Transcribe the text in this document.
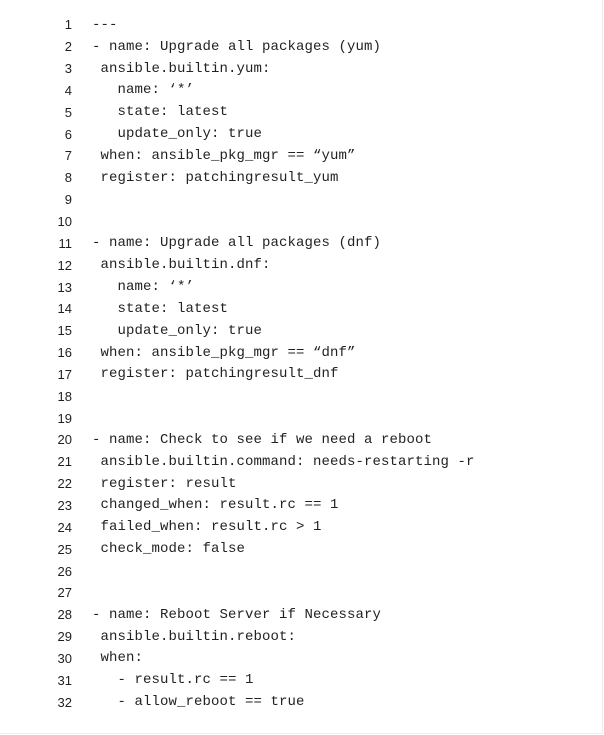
1	---
2	- name: Upgrade all packages (yum)
3	ansible.builtin.yum:
4	name: ‘*’
5	state: latest
6	update_only: true
7	when: ansible_pkg_mgr == “yum”
8	register: patchingresult_yum
9
10
11	- name: Upgrade all packages (dnf)
12	ansible.builtin.dnf:
13	name: ‘*’
14	state: latest
15	update_only: true
16	when: ansible_pkg_mgr == “dnf”
17	register: patchingresult_dnf
18
19
20	- name: Check to see if we need a reboot
21	ansible.builtin.command: needs-restarting -r
22	register: result
23	changed_when: result.rc == 1
24	failed_when: result.rc > 1
25	check_mode: false
26
27
28	- name: Reboot Server if Necessary
29	ansible.builtin.reboot:
30	when:
31	- result.rc == 1
32	- allow_reboot == true
